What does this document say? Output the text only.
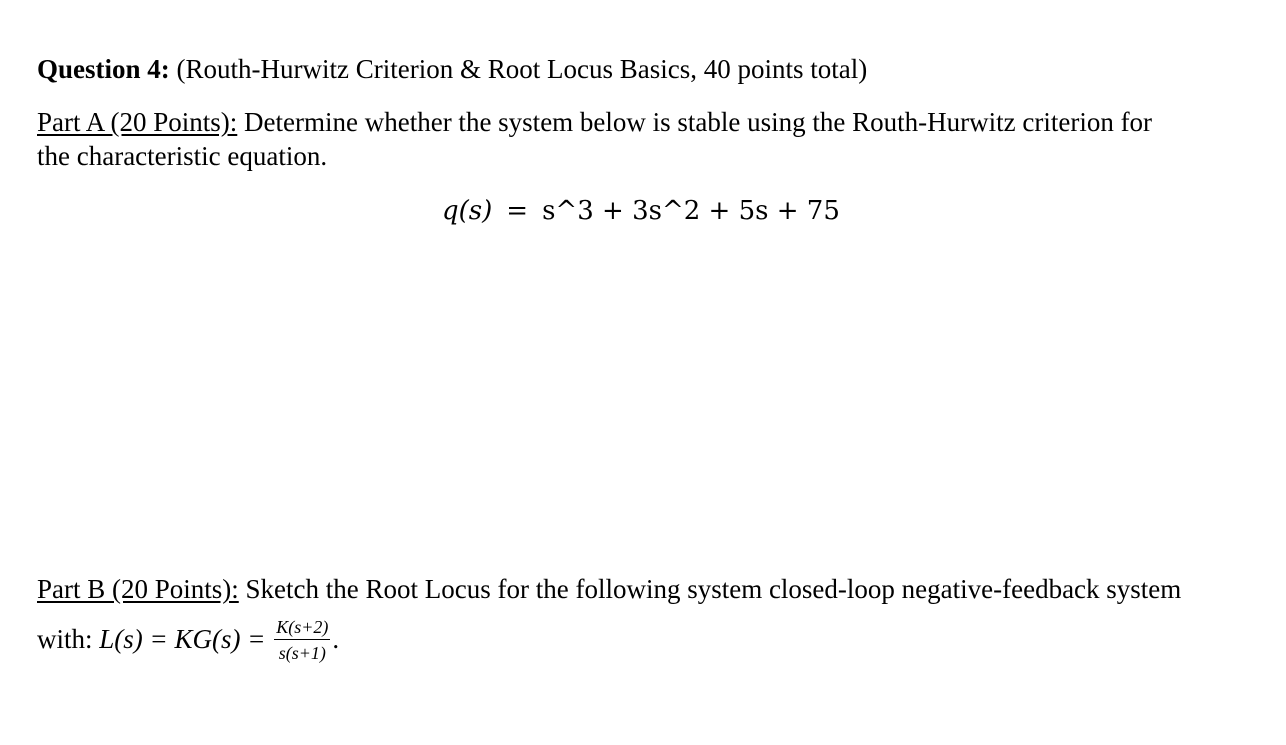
Question 4: (Routh-Hurwitz Criterion & Root Locus Basics, 40 points total)
Part A (20 Points): Determine whether the system below is stable using the Routh-Hurwitz criterion for
the characteristic equation.
q(s) = s^3 + 3s^2 + 5s + 75
Part B (20 Points): Sketch the Root Locus for the following system closed-loop negative-feedback system
with: $L(s) = KG(s) = \frac{K(s+2)}{s(s+1)}$ .
